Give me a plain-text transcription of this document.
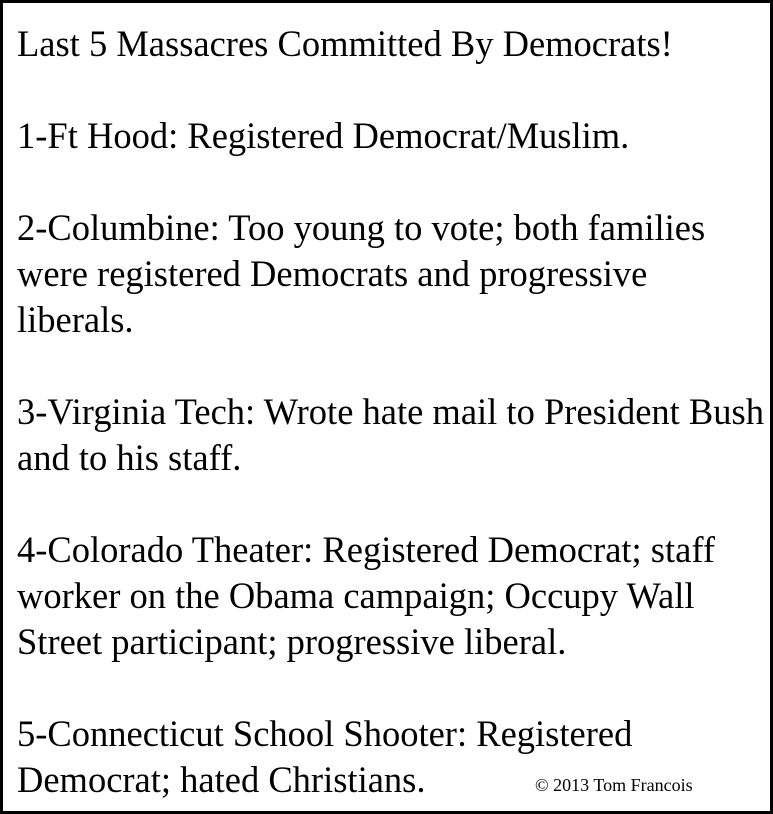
Last 5 Massacres Committed By Democrats!

1-Ft Hood: Registered Democrat/Muslim.

2-Columbine: Too young to vote; both families were registered Democrats and progressive liberals.

3-Virginia Tech: Wrote hate mail to President Bush and to his staff.

4-Colorado Theater: Registered Democrat; staff worker on the Obama campaign; Occupy Wall Street participant; progressive liberal.

5-Connecticut School Shooter: Registered Democrat; hated Christians.	© 2013 Tom Francois
